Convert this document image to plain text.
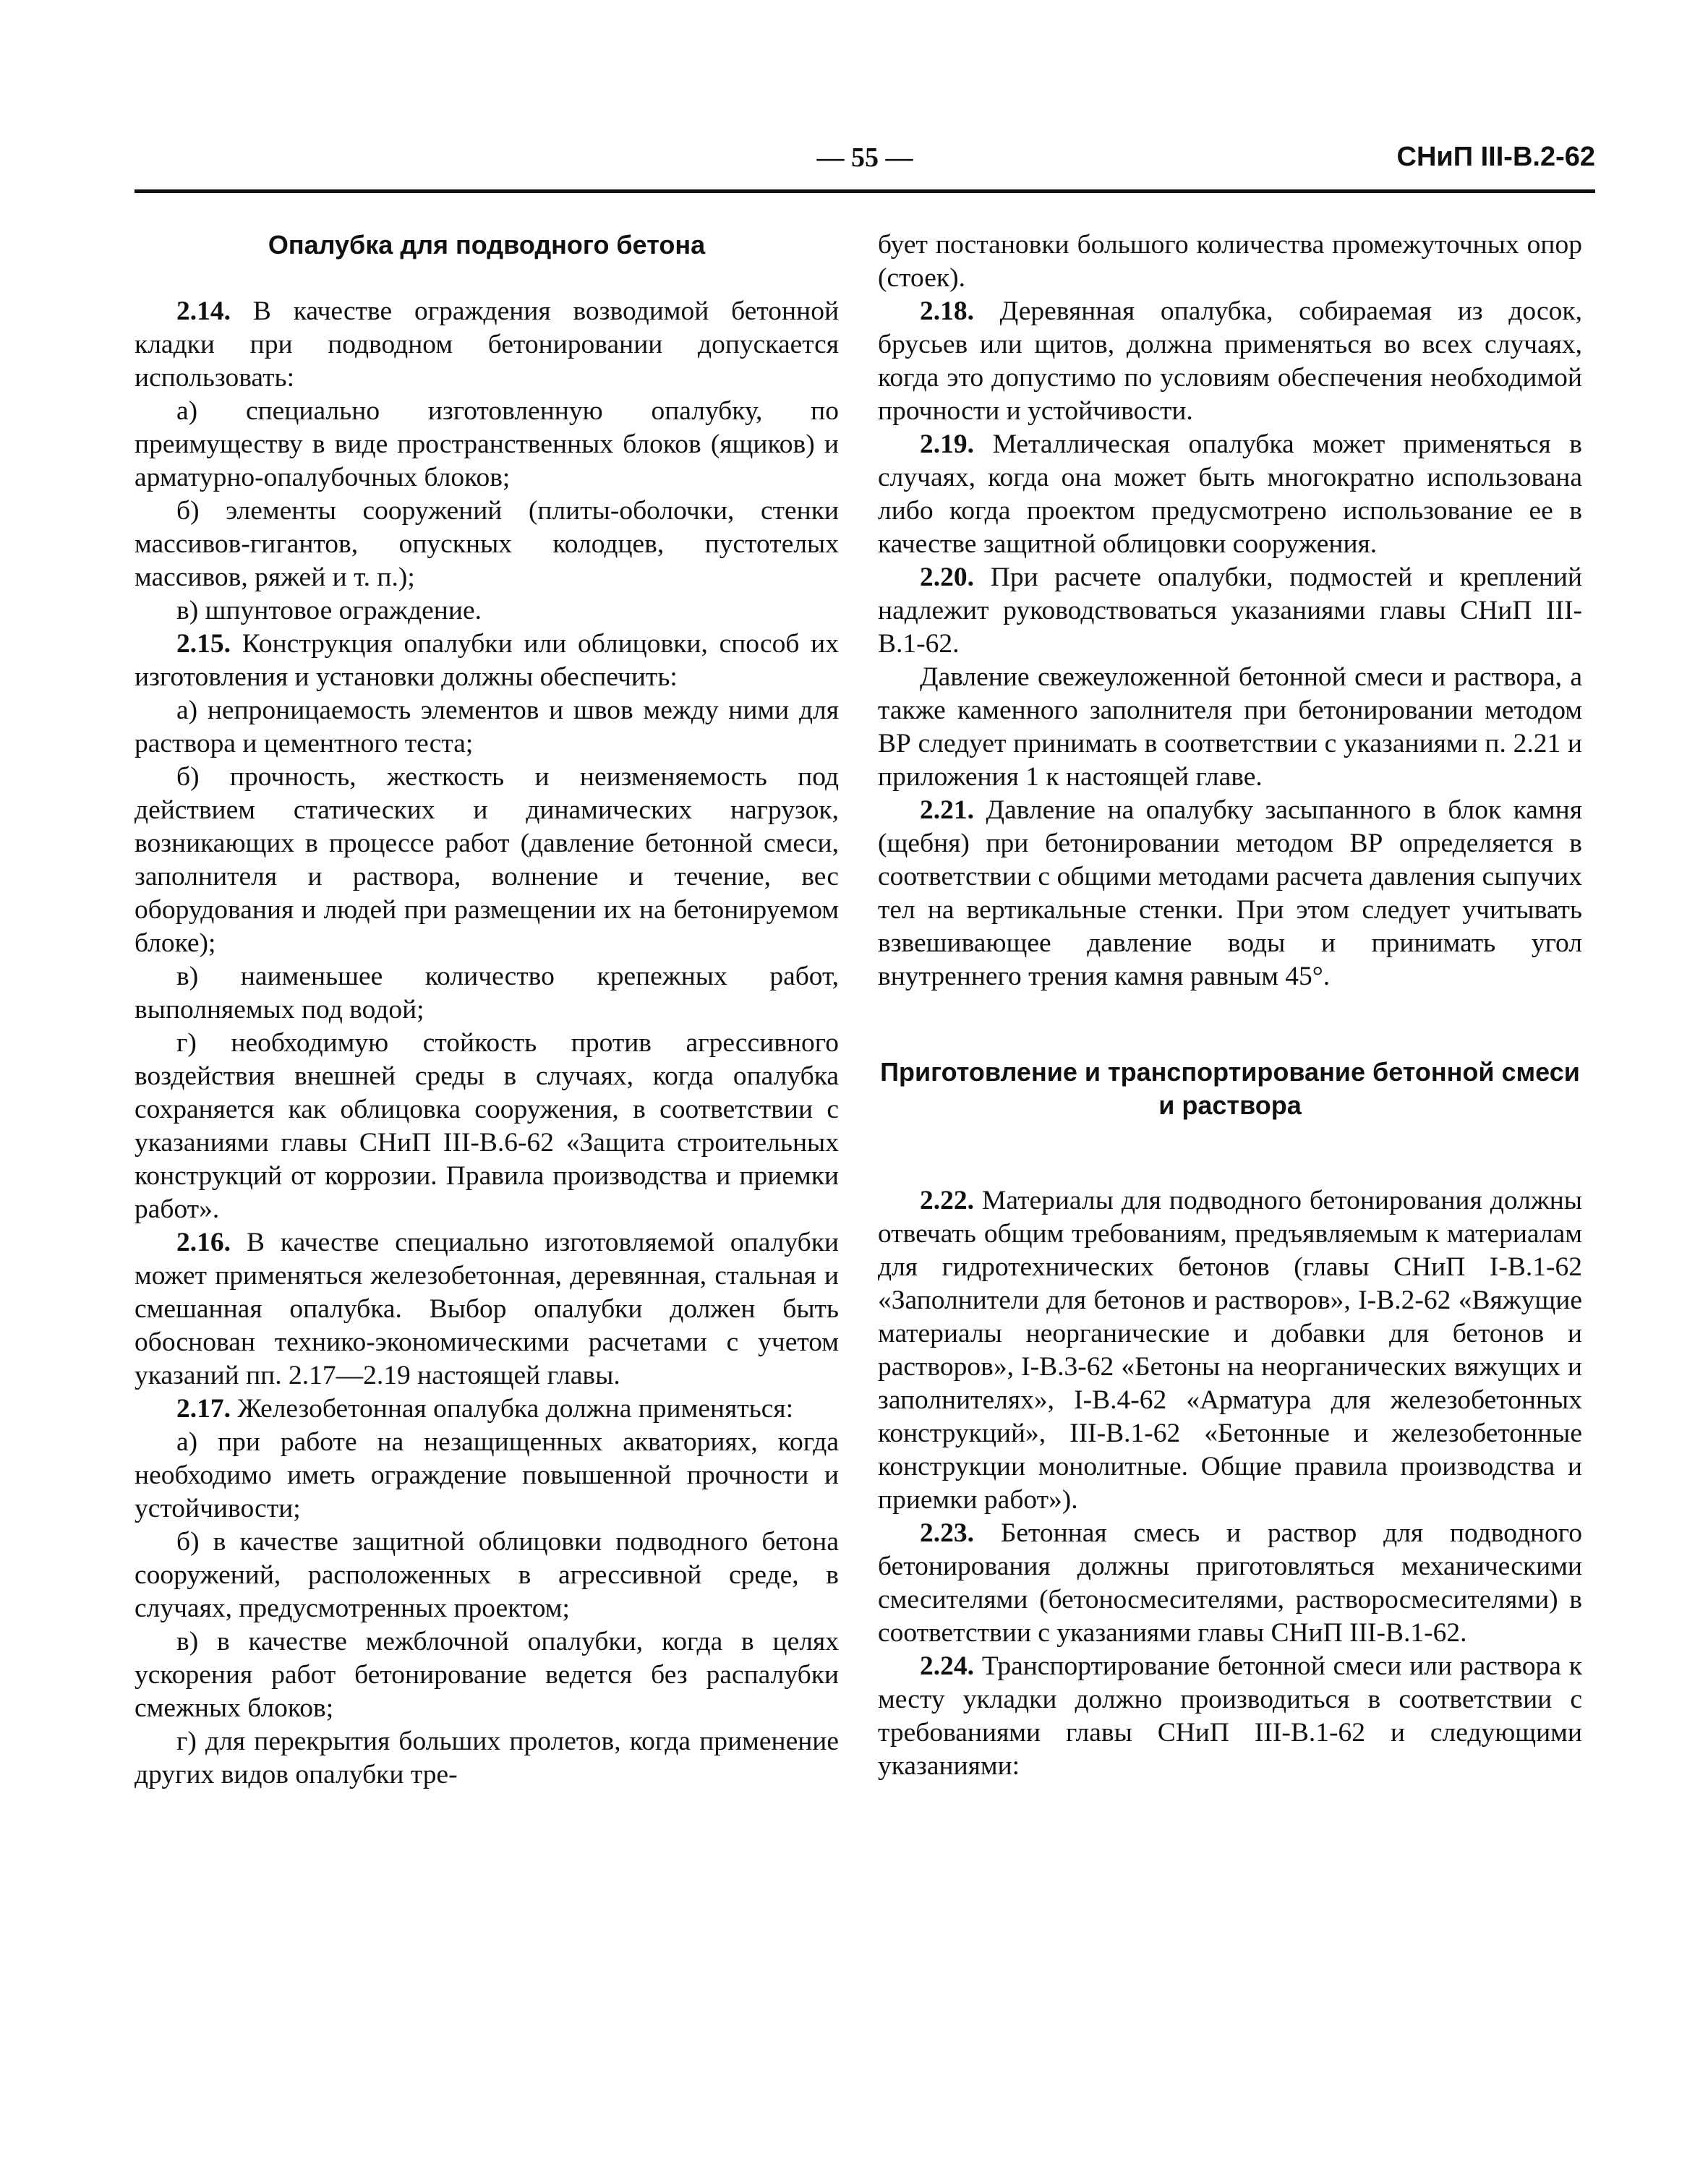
— 55 —	СНиП III-В.2-62
Опалубка для подводного бетона

2.14. В качестве ограждения возводимой бетонной кладки при подводном бетонировании допускается использовать:

а) специально изготовленную опалубку, по преимуществу в виде пространственных блоков (ящиков) и арматурно-опалубочных блоков;

б) элементы сооружений (плиты-оболочки, стенки массивов-гигантов, опускных колодцев, пустотелых массивов, ряжей и т. п.);

в) шпунтовое ограждение.

2.15. Конструкция опалубки или облицовки, способ их изготовления и установки должны обеспечить:

а) непроницаемость элементов и швов между ними для раствора и цементного теста;

б) прочность, жесткость и неизменяемость под действием статических и динамических нагрузок, возникающих в процессе работ (давление бетонной смеси, заполнителя и раствора, волнение и течение, вес оборудования и людей при размещении их на бетонируемом блоке);

в) наименьшее количество крепежных работ, выполняемых под водой;

г) необходимую стойкость против агрессивного воздействия внешней среды в случаях, когда опалубка сохраняется как облицовка сооружения, в соответствии с указаниями главы СНиП III-В.6-62 «Защита строительных конструкций от коррозии. Правила производства и приемки работ».

2.16. В качестве специально изготовляемой опалубки может применяться железобетонная, деревянная, стальная и смешанная опалубка. Выбор опалубки должен быть обоснован технико-экономическими расчетами с учетом указаний пп. 2.17—2.19 настоящей главы.

2.17. Железобетонная опалубка должна применяться:

а) при работе на незащищенных акваториях, когда необходимо иметь ограждение повышенной прочности и устойчивости;

б) в качестве защитной облицовки подводного бетона сооружений, расположенных в агрессивной среде, в случаях, предусмотренных проектом;

в) в качестве межблочной опалубки, когда в целях ускорения работ бетонирование ведется без распалубки смежных блоков;

г) для перекрытия больших пролетов, когда применение других видов опалубки тре-

бует постановки большого количества промежуточных опор (стоек).

2.18. Деревянная опалубка, собираемая из досок, брусьев или щитов, должна применяться во всех случаях, когда это допустимо по условиям обеспечения необходимой прочности и устойчивости.

2.19. Металлическая опалубка может применяться в случаях, когда она может быть многократно использована либо когда проектом предусмотрено использование ее в качестве защитной облицовки сооружения.

2.20. При расчете опалубки, подмостей и креплений надлежит руководствоваться указаниями главы СНиП III-В.1-62.

Давление свежеуложенной бетонной смеси и раствора, а также каменного заполнителя при бетонировании методом ВР следует принимать в соответствии с указаниями п. 2.21 и приложения 1 к настоящей главе.

2.21. Давление на опалубку засыпанного в блок камня (щебня) при бетонировании методом ВР определяется в соответствии с общими методами расчета давления сыпучих тел на вертикальные стенки. При этом следует учитывать взвешивающее давление воды и принимать угол внутреннего трения камня равным 45°.

Приготовление и транспортирование бетонной смеси и раствора

2.22. Материалы для подводного бетонирования должны отвечать общим требованиям, предъявляемым к материалам для гидротехнических бетонов (главы СНиП I-В.1-62 «Заполнители для бетонов и растворов», I-В.2-62 «Вяжущие материалы неорганические и добавки для бетонов и растворов», I-В.3-62 «Бетоны на неорганических вяжущих и заполнителях», I-В.4-62 «Арматура для железобетонных конструкций», III-В.1-62 «Бетонные и железобетонные конструкции монолитные. Общие правила производства и приемки работ»).

2.23. Бетонная смесь и раствор для подводного бетонирования должны приготовляться механическими смесителями (бетоносмесителями, растворосмесителями) в соответствии с указаниями главы СНиП III-В.1-62.

2.24. Транспортирование бетонной смеси или раствора к месту укладки должно производиться в соответствии с требованиями главы СНиП III-В.1-62 и следующими указаниями:
